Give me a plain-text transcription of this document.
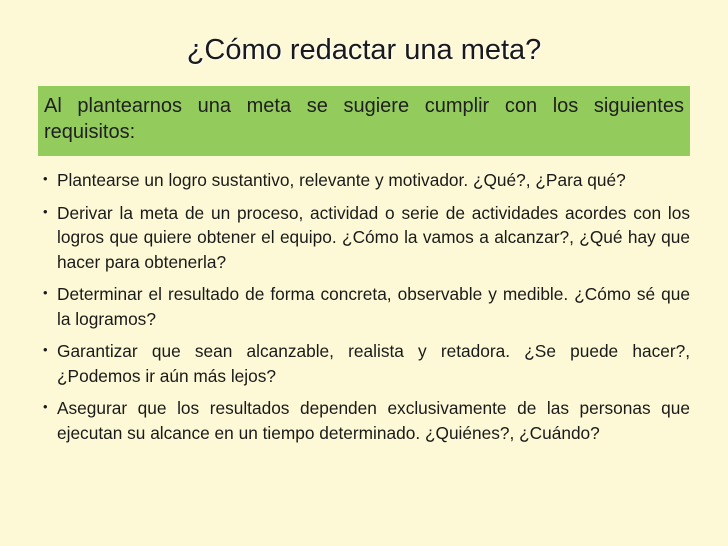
¿Cómo redactar una meta?

Al plantearnos una meta se sugiere cumplir con los siguientes requisitos:

• Plantearse un logro sustantivo, relevante y motivador. ¿Qué?, ¿Para qué?
• Derivar la meta de un proceso, actividad o serie de actividades acordes con los logros que quiere obtener el equipo. ¿Cómo la vamos a alcanzar?, ¿Qué hay que hacer para obtenerla?
• Determinar el resultado de forma concreta, observable y medible. ¿Cómo sé que la logramos?
• Garantizar que sean alcanzable, realista y retadora. ¿Se puede hacer?, ¿Podemos ir aún más lejos?
• Asegurar que los resultados dependen exclusivamente de las personas que ejecutan su alcance en un tiempo determinado. ¿Quiénes?, ¿Cuándo?
